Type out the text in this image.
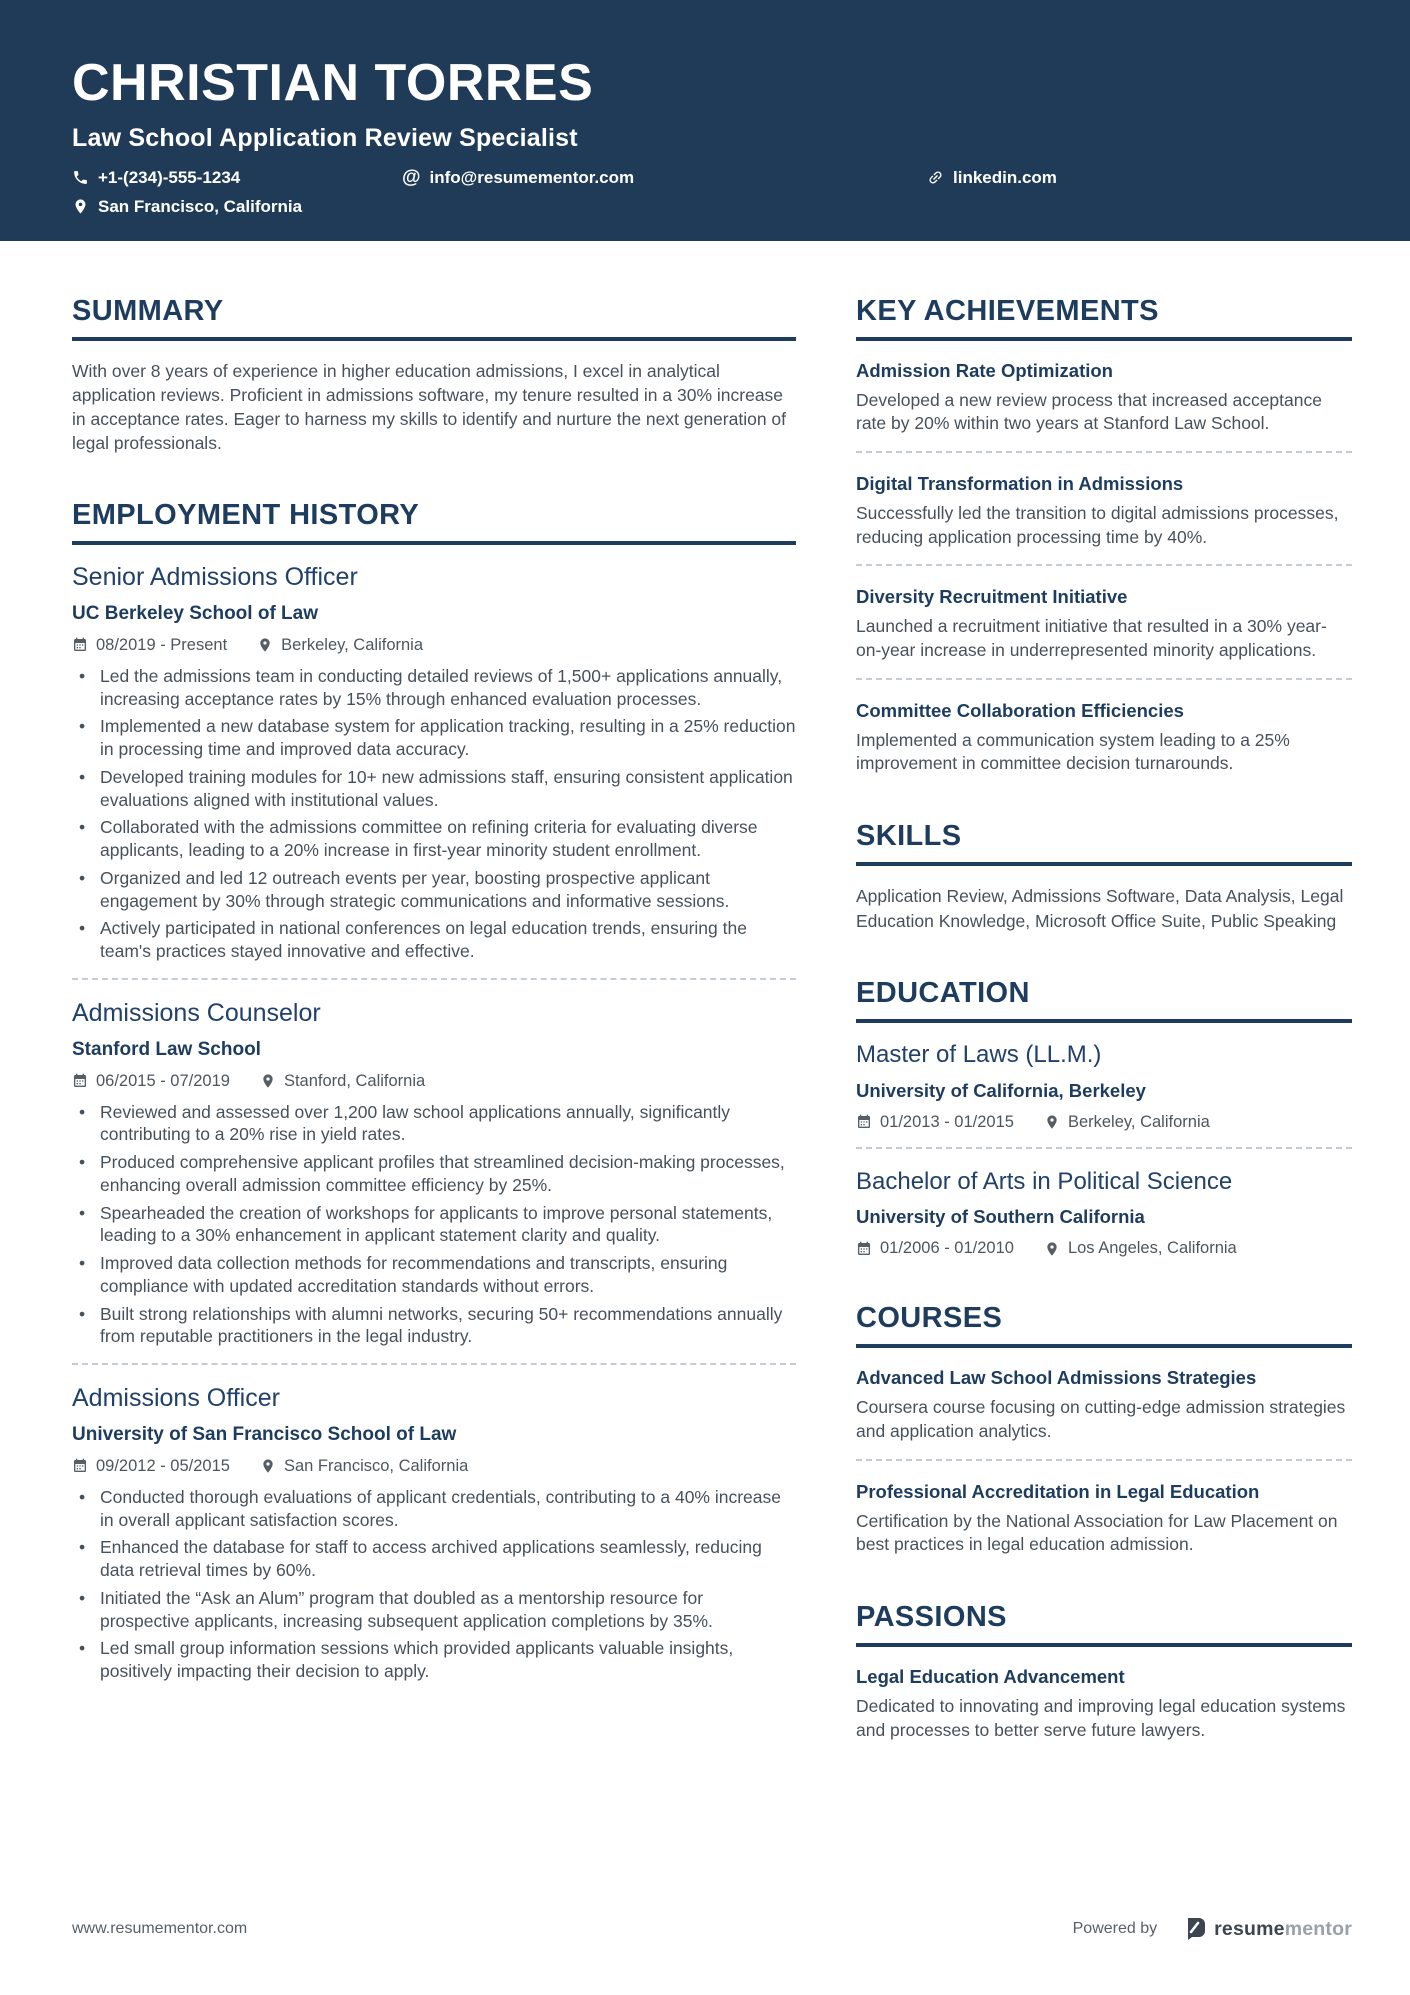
CHRISTIAN TORRES
Law School Application Review Specialist
+1-(234)-555-1234	@ info@resumementor.com	linkedin.com
San Francisco, California
SUMMARY

With over 8 years of experience in higher education admissions, I excel in analytical application reviews. Proficient in admissions software, my tenure resulted in a 30% increase in acceptance rates. Eager to harness my skills to identify and nurture the next generation of legal professionals.

EMPLOYMENT HISTORY
Senior Admissions Officer
UC Berkeley School of Law
08/2019 - Present	Berkeley, California
• Led the admissions team in conducting detailed reviews of 1,500+ applications annually, increasing acceptance rates by 15% through enhanced evaluation processes.
• Implemented a new database system for application tracking, resulting in a 25% reduction in processing time and improved data accuracy.
• Developed training modules for 10+ new admissions staff, ensuring consistent application evaluations aligned with institutional values.
• Collaborated with the admissions committee on refining criteria for evaluating diverse applicants, leading to a 20% increase in first-year minority student enrollment.
• Organized and led 12 outreach events per year, boosting prospective applicant engagement by 30% through strategic communications and informative sessions.
• Actively participated in national conferences on legal education trends, ensuring the team's practices stayed innovative and effective.
Admissions Counselor
Stanford Law School
06/2015 - 07/2019	Stanford, California
• Reviewed and assessed over 1,200 law school applications annually, significantly contributing to a 20% rise in yield rates.
• Produced comprehensive applicant profiles that streamlined decision-making processes, enhancing overall admission committee efficiency by 25%.
• Spearheaded the creation of workshops for applicants to improve personal statements, leading to a 30% enhancement in applicant statement clarity and quality.
• Improved data collection methods for recommendations and transcripts, ensuring compliance with updated accreditation standards without errors.
• Built strong relationships with alumni networks, securing 50+ recommendations annually from reputable practitioners in the legal industry.
Admissions Officer
University of San Francisco School of Law
09/2012 - 05/2015	San Francisco, California
• Conducted thorough evaluations of applicant credentials, contributing to a 40% increase in overall applicant satisfaction scores.
• Enhanced the database for staff to access archived applications seamlessly, reducing data retrieval times by 60%.
• Initiated the “Ask an Alum” program that doubled as a mentorship resource for prospective applicants, increasing subsequent application completions by 35%.
• Led small group information sessions which provided applicants valuable insights, positively impacting their decision to apply.
KEY ACHIEVEMENTS
Admission Rate Optimization

Developed a new review process that increased acceptance rate by 20% within two years at Stanford Law School.

Digital Transformation in Admissions

Successfully led the transition to digital admissions processes, reducing application processing time by 40%.

Diversity Recruitment Initiative

Launched a recruitment initiative that resulted in a 30% year-on-year increase in underrepresented minority applications.

Committee Collaboration Efficiencies

Implemented a communication system leading to a 25% improvement in committee decision turnarounds.

SKILLS

Application Review, Admissions Software, Data Analysis, Legal Education Knowledge, Microsoft Office Suite, Public Speaking

EDUCATION
Master of Laws (LL.M.)
University of California, Berkeley
01/2013 - 01/2015	Berkeley, California
Bachelor of Arts in Political Science
University of Southern California
01/2006 - 01/2010	Los Angeles, California
COURSES
Advanced Law School Admissions Strategies

Coursera course focusing on cutting-edge admission strategies and application analytics.

Professional Accreditation in Legal Education

Certification by the National Association for Law Placement on best practices in legal education admission.

PASSIONS
Legal Education Advancement

Dedicated to innovating and improving legal education systems and processes to better serve future lawyers.

www.resumementor.com	Powered by	resumementor
